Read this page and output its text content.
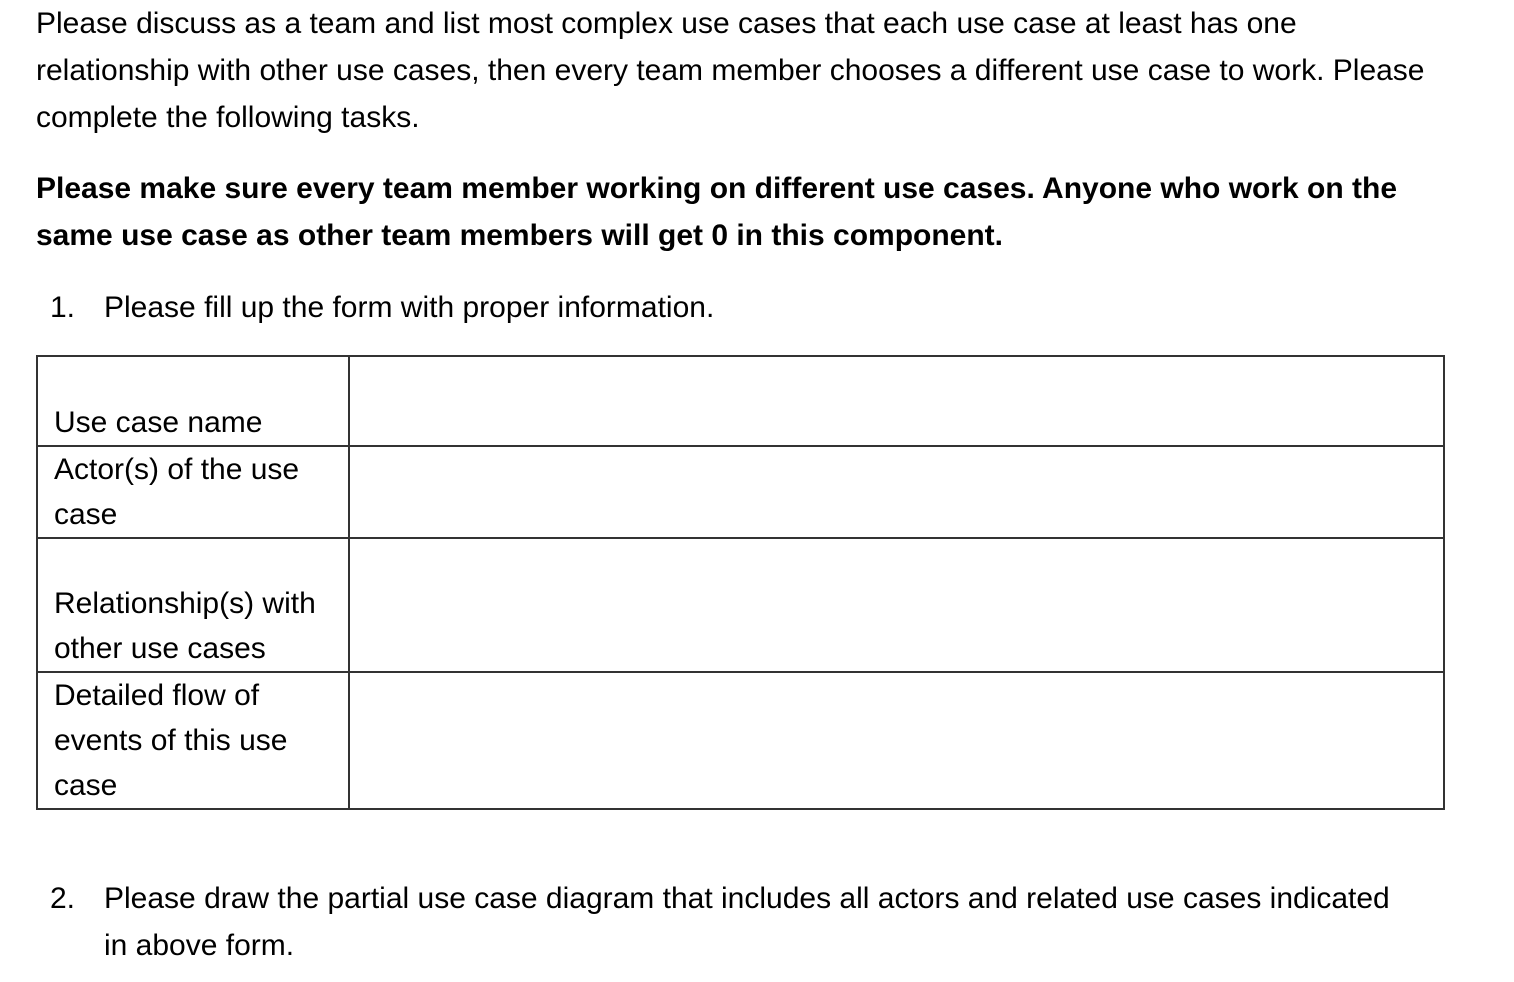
Please discuss as a team and list most complex use cases that each use case at least has one relationship with other use cases, then every team member chooses a different use case to work. Please complete the following tasks.

Please make sure every team member working on different use cases. Anyone who work on the same use case as other team members will get 0 in this component.

1. Please fill up the form with proper information.
Use case name	
Actor(s) of the use case	
Relationship(s) with other use cases	
Detailed flow of events of this use case	
2. Please draw the partial use case diagram that includes all actors and related use cases indicated in above form.
